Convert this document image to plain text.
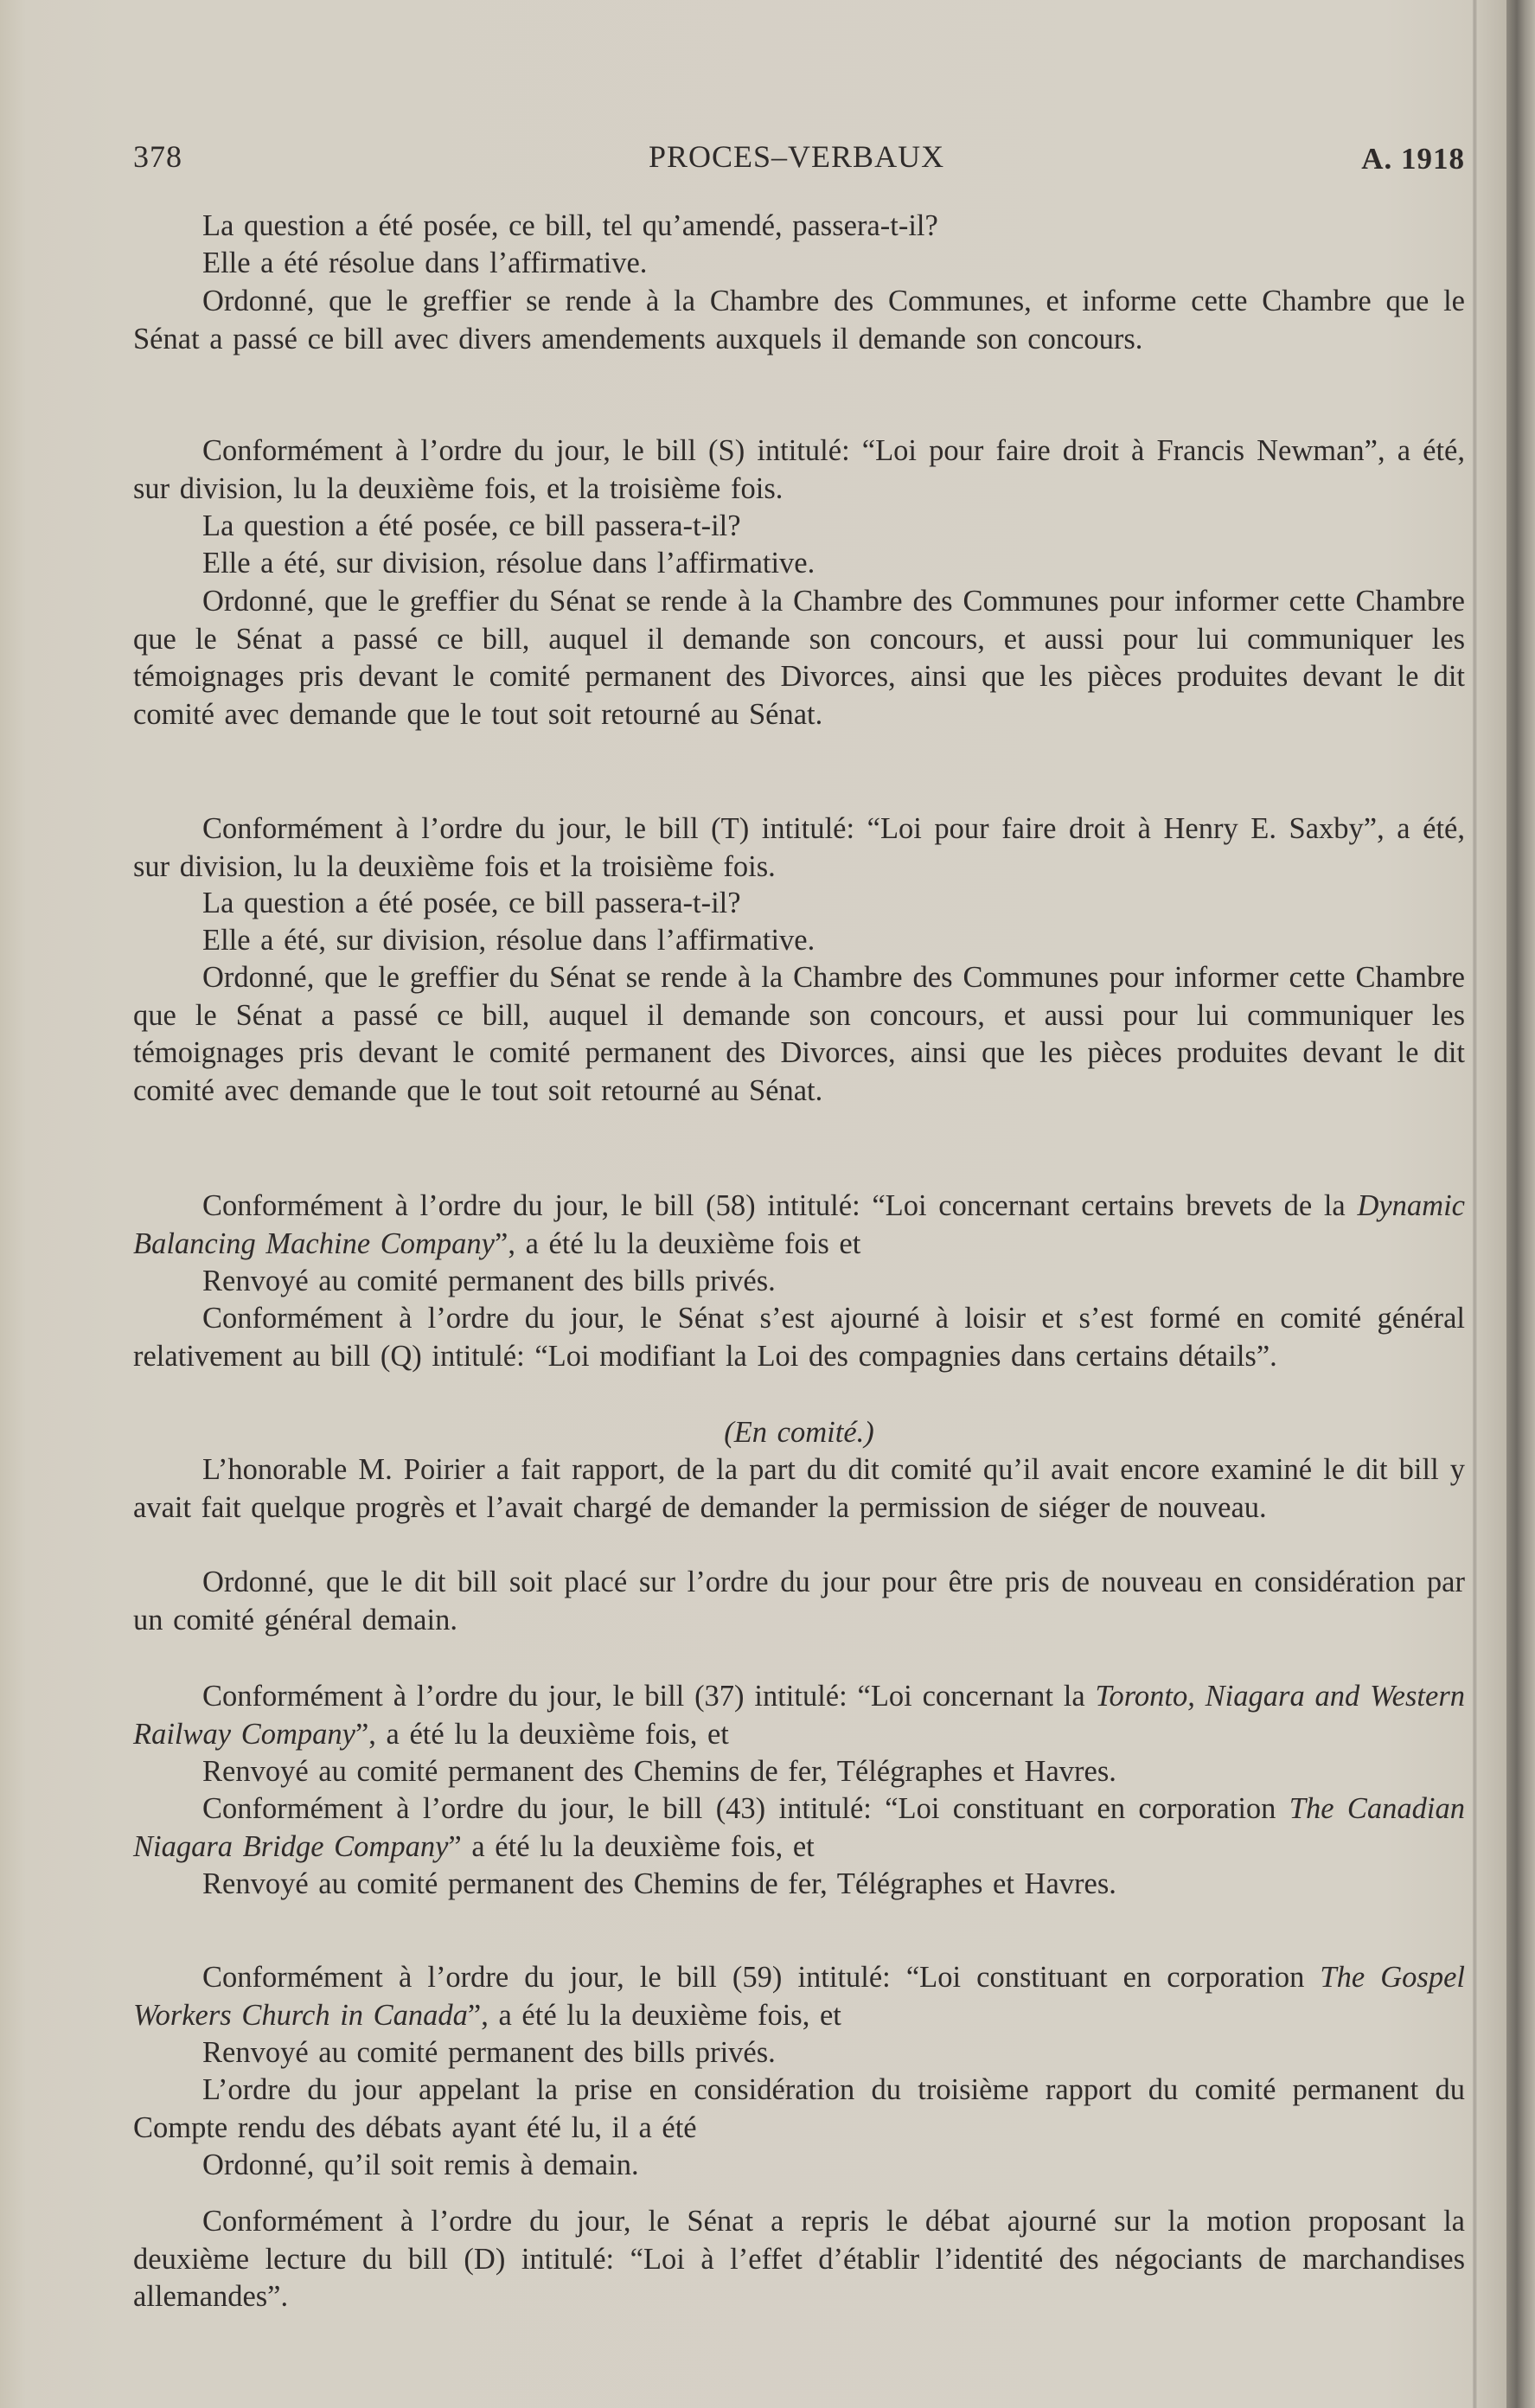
378	PROCES–VERBAUX	A. 1918

La question a été posée, ce bill, tel qu’amendé, passera-t-il?

Elle a été résolue dans l’affirmative.

Ordonné, que le greffier se rende à la Chambre des Communes, et informe cette Chambre que le Sénat a passé ce bill avec divers amendements auxquels il demande son concours.

Conformément à l’ordre du jour, le bill (S) intitulé: “Loi pour faire droit à Francis Newman”, a été, sur division, lu la deuxième fois, et la troisième fois.

La question a été posée, ce bill passera-t-il?

Elle a été, sur division, résolue dans l’affirmative.

Ordonné, que le greffier du Sénat se rende à la Chambre des Communes pour informer cette Chambre que le Sénat a passé ce bill, auquel il demande son concours, et aussi pour lui communiquer les témoignages pris devant le comité permanent des Divorces, ainsi que les pièces produites devant le dit comité avec demande que le tout soit retourné au Sénat.

Conformément à l’ordre du jour, le bill (T) intitulé: “Loi pour faire droit à Henry E. Saxby”, a été, sur division, lu la deuxième fois et la troisième fois.

La question a été posée, ce bill passera-t-il?

Elle a été, sur division, résolue dans l’affirmative.

Ordonné, que le greffier du Sénat se rende à la Chambre des Communes pour informer cette Chambre que le Sénat a passé ce bill, auquel il demande son concours, et aussi pour lui communiquer les témoignages pris devant le comité permanent des Divorces, ainsi que les pièces produites devant le dit comité avec demande que le tout soit retourné au Sénat.

Conformément à l’ordre du jour, le bill (58) intitulé: “Loi concernant certains brevets de la Dynamic Balancing Machine Company”, a été lu la deuxième fois et

Renvoyé au comité permanent des bills privés.

Conformément à l’ordre du jour, le Sénat s’est ajourné à loisir et s’est formé en comité général relativement au bill (Q) intitulé: “Loi modifiant la Loi des compagnies dans certains détails”.

(En comité.)

L’honorable M. Poirier a fait rapport, de la part du dit comité qu’il avait encore examiné le dit bill y avait fait quelque progrès et l’avait chargé de demander la permission de siéger de nouveau.

Ordonné, que le dit bill soit placé sur l’ordre du jour pour être pris de nouveau en considération par un comité général demain.

Conformément à l’ordre du jour, le bill (37) intitulé: “Loi concernant la Toronto, Niagara and Western Railway Company”, a été lu la deuxième fois, et

Renvoyé au comité permanent des Chemins de fer, Télégraphes et Havres.

Conformément à l’ordre du jour, le bill (43) intitulé: “Loi constituant en corporation The Canadian Niagara Bridge Company” a été lu la deuxième fois, et

Renvoyé au comité permanent des Chemins de fer, Télégraphes et Havres.

Conformément à l’ordre du jour, le bill (59) intitulé: “Loi constituant en corporation The Gospel Workers Church in Canada”, a été lu la deuxième fois, et

Renvoyé au comité permanent des bills privés.

L’ordre du jour appelant la prise en considération du troisième rapport du comité permanent du Compte rendu des débats ayant été lu, il a été

Ordonné, qu’il soit remis à demain.

Conformément à l’ordre du jour, le Sénat a repris le débat ajourné sur la motion proposant la deuxième lecture du bill (D) intitulé: “Loi à l’effet d’établir l’identité des négociants de marchandises allemandes”.
